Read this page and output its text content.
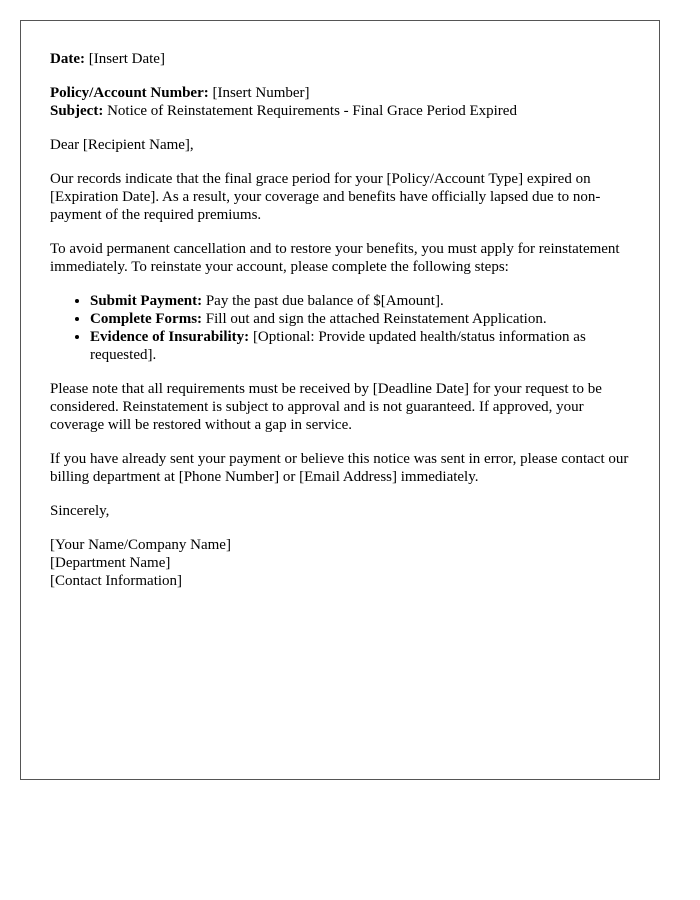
Date: [Insert Date]

Policy/Account Number: [Insert Number]

Subject: Notice of Reinstatement Requirements - Final Grace Period Expired

Dear [Recipient Name],

Our records indicate that the final grace period for your [Policy/Account Type] expired on [Expiration Date]. As a result, your coverage and benefits have officially lapsed due to non-payment of the required premiums.

To avoid permanent cancellation and to restore your benefits, you must apply for reinstatement immediately. To reinstate your account, please complete the following steps:

• Submit Payment: Pay the past due balance of $[Amount].
• Complete Forms: Fill out and sign the attached Reinstatement Application.
• Evidence of Insurability: [Optional: Provide updated health/status information as requested].

Please note that all requirements must be received by [Deadline Date] for your request to be considered. Reinstatement is subject to approval and is not guaranteed. If approved, your coverage will be restored without a gap in service.

If you have already sent your payment or believe this notice was sent in error, please contact our billing department at [Phone Number] or [Email Address] immediately.

Sincerely,

[Your Name/Company Name]

[Department Name]

[Contact Information]
